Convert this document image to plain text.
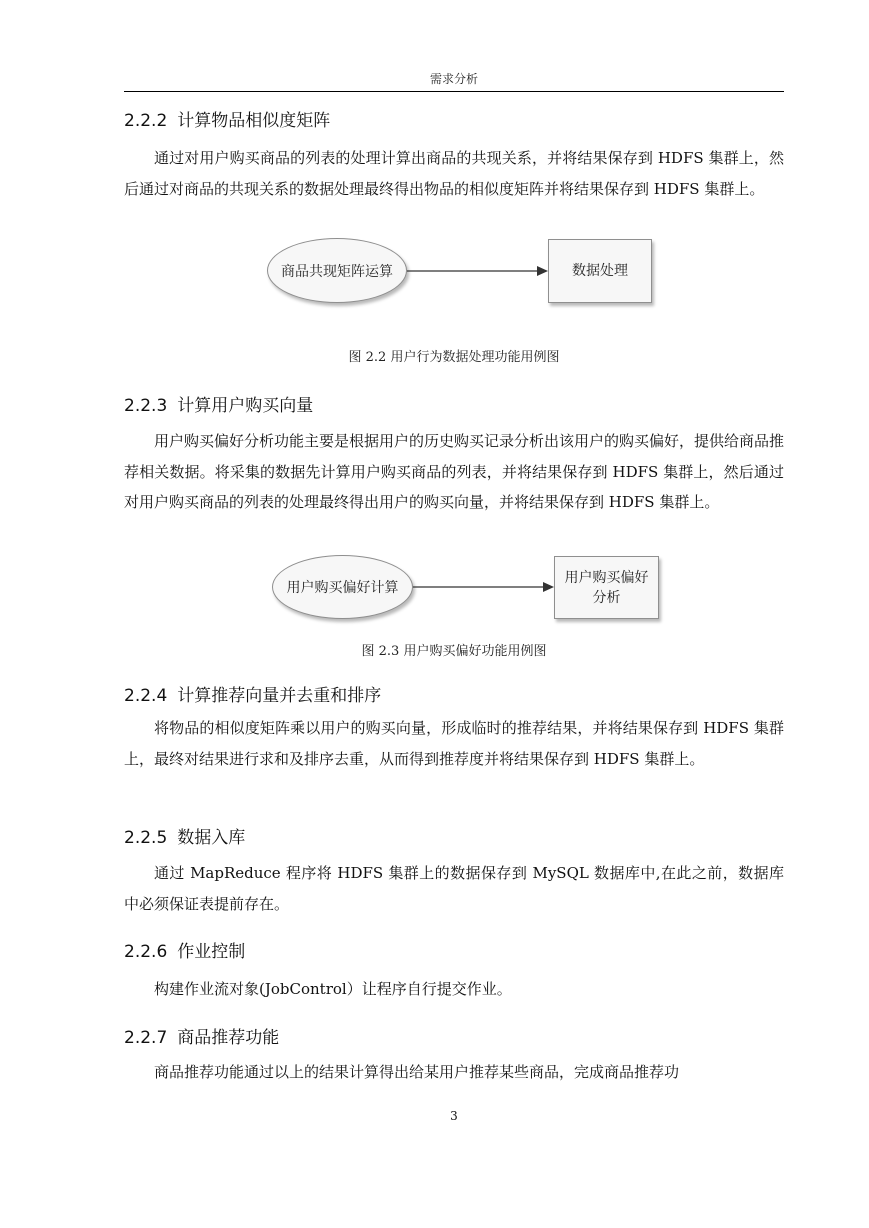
需求分析
2.2.2 计算物品相似度矩阵

通过对用户购买商品的列表的处理计算出商品的共现关系，并将结果保存到 HDFS 集群上，然后通过对商品的共现关系的数据处理最终得出物品的相似度矩阵并将结果保存到 HDFS 集群上。

商品共现矩阵运算	数据处理
图 2.2 用户行为数据处理功能用例图
2.2.3 计算用户购买向量

用户购买偏好分析功能主要是根据用户的历史购买记录分析出该用户的购买偏好，提供给商品推荐相关数据。将采集的数据先计算用户购买商品的列表，并将结果保存到 HDFS 集群上，然后通过对用户购买商品的列表的处理最终得出用户的购买向量，并将结果保存到 HDFS 集群上。

用户购买偏好计算
用户购买偏好分析
图 2.3 用户购买偏好功能用例图
2.2.4 计算推荐向量并去重和排序

将物品的相似度矩阵乘以用户的购买向量，形成临时的推荐结果，并将结果保存到 HDFS 集群上，最终对结果进行求和及排序去重，从而得到推荐度并将结果保存到 HDFS 集群上。

2.2.5 数据入库

通过 MapReduce 程序将 HDFS 集群上的数据保存到 MySQL 数据库中,在此之前，数据库中必须保证表提前存在。

2.2.6 作业控制

构建作业流对象(JobControl）让程序自行提交作业。

2.2.7 商品推荐功能

商品推荐功能通过以上的结果计算得出给某用户推荐某些商品，完成商品推荐功

3
